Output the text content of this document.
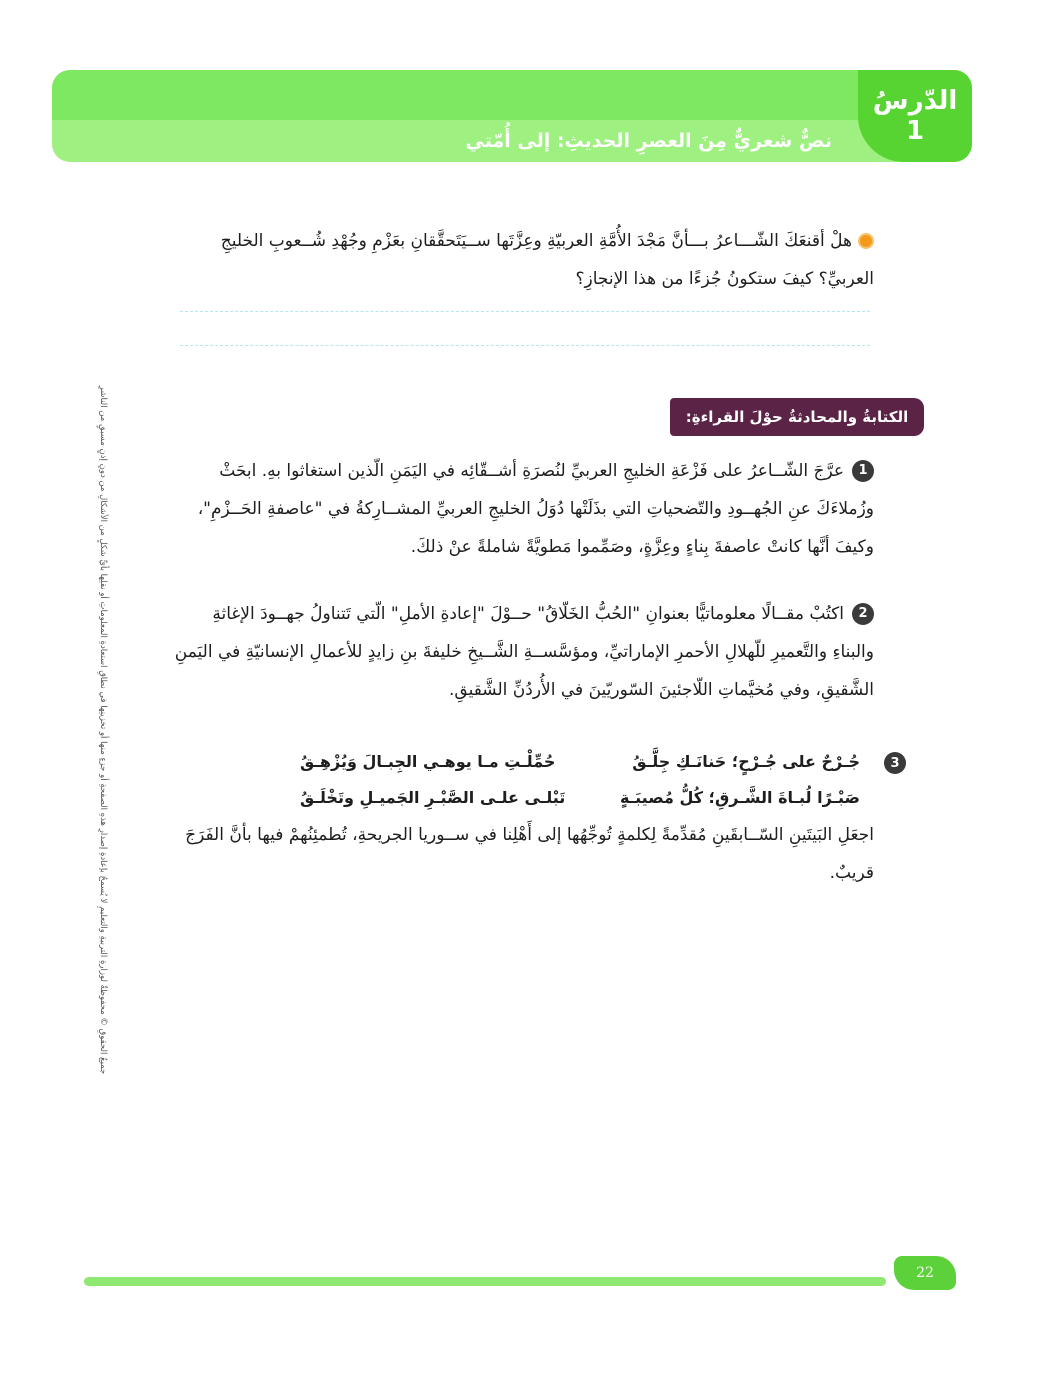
نصٌّ شعريٌّ مِنَ العصرِ الحديثِ: إلى أُمّتي
الدّرسُ
1
جميعُ الحقوقِ © محفوظةٌ لوزارةِ التربيةِ والتعليمِ لا يُسمحُ بإعادةِ إصدارِ هذهِ الصفحةِ أو جزءٍ منها أو تخزينِها في نطاقِ استعادةِ المعلوماتِ أو نقلِها بأيِّ شكلٍ من الأشكالِ من دونِ إذنٍ مسبقٍ من الناشرِ
هلْ أقنعَكَ الشّـــاعرُ بـــأنَّ مَجْدَ الأُمَّةِ العربيّةِ وعِزَّتَها ســيَتَحقَّقانِ بعَزْمِ وجُهْدِ شُــعوبِ الخليجِ العربيِّ؟ كيفَ ستكونُ جُزءًا من هذا الإنجازِ؟
الكتابةُ والمحادثةُ حوْلَ القراءةِ:
1عرَّجَ الشّــاعرُ على فَزْعَةِ الخليجِ العربيِّ لنُصرَةِ أشــقّائِه في اليَمَنِ الّذين استغاثوا بهِ. ابحَثْ وزُملاءَكَ عنِ الجُهــودِ والتّضحياتِ التي بذَلَتْها دُوَلُ الخليجِ العربيِّ المشــارِكةُ في "عاصفةِ الحَــزْمِ"، وكيفَ أنَّها كانتْ عاصفةَ بِناءٍ وعِزَّةٍ، وصَمِّموا مَطويَّةً شاملةً عنْ ذلكَ.
2اكتُبْ مقــالًا معلوماتيًّا بعنوانِ "الحُبُّ الخَلّاقُ" حــوْلَ "إعادةِ الأملِ" الّتي تَتناولُ جهــودَ الإغاثةِ والبناءِ والتَّعميرِ للّهلالِ الأحمرِ الإماراتيِّ، ومؤسَّســةِ الشَّــيخِ خليفةَ بنِ زايدٍ للأعمالِ الإنسانيّةِ في اليَمنِ الشَّقيقِ، وفي مُخيَّماتِ اللّاجئينَ السّوريّينَ في الأُردُنِّ الشَّقيقِ.
3
جُـرْحٌ على جُـرْحٍ؛ حَنانَـكِ جِلَّـقُ
حُمِّلْـتِ مـا يوهـي الجِبـالَ وَيُزْهِـقُ
صَبْـرًا لُبـاةَ الشَّـرقِ؛ كُلُّ مُصيبَـةٍ
تَبْلـى علـى الصَّبْـرِ الجَميـلِ وتَخْلَـقُ
اجعَلِ البَيتَينِ السّــابقَينِ مُقدِّمةً لِكلمةٍ تُوجِّهُها إلى أَهْلِنا في ســوريا الجريحةِ، تُطمئِنُهمْ فيها بأنَّ الفَرَجَ قريبٌ.
22
